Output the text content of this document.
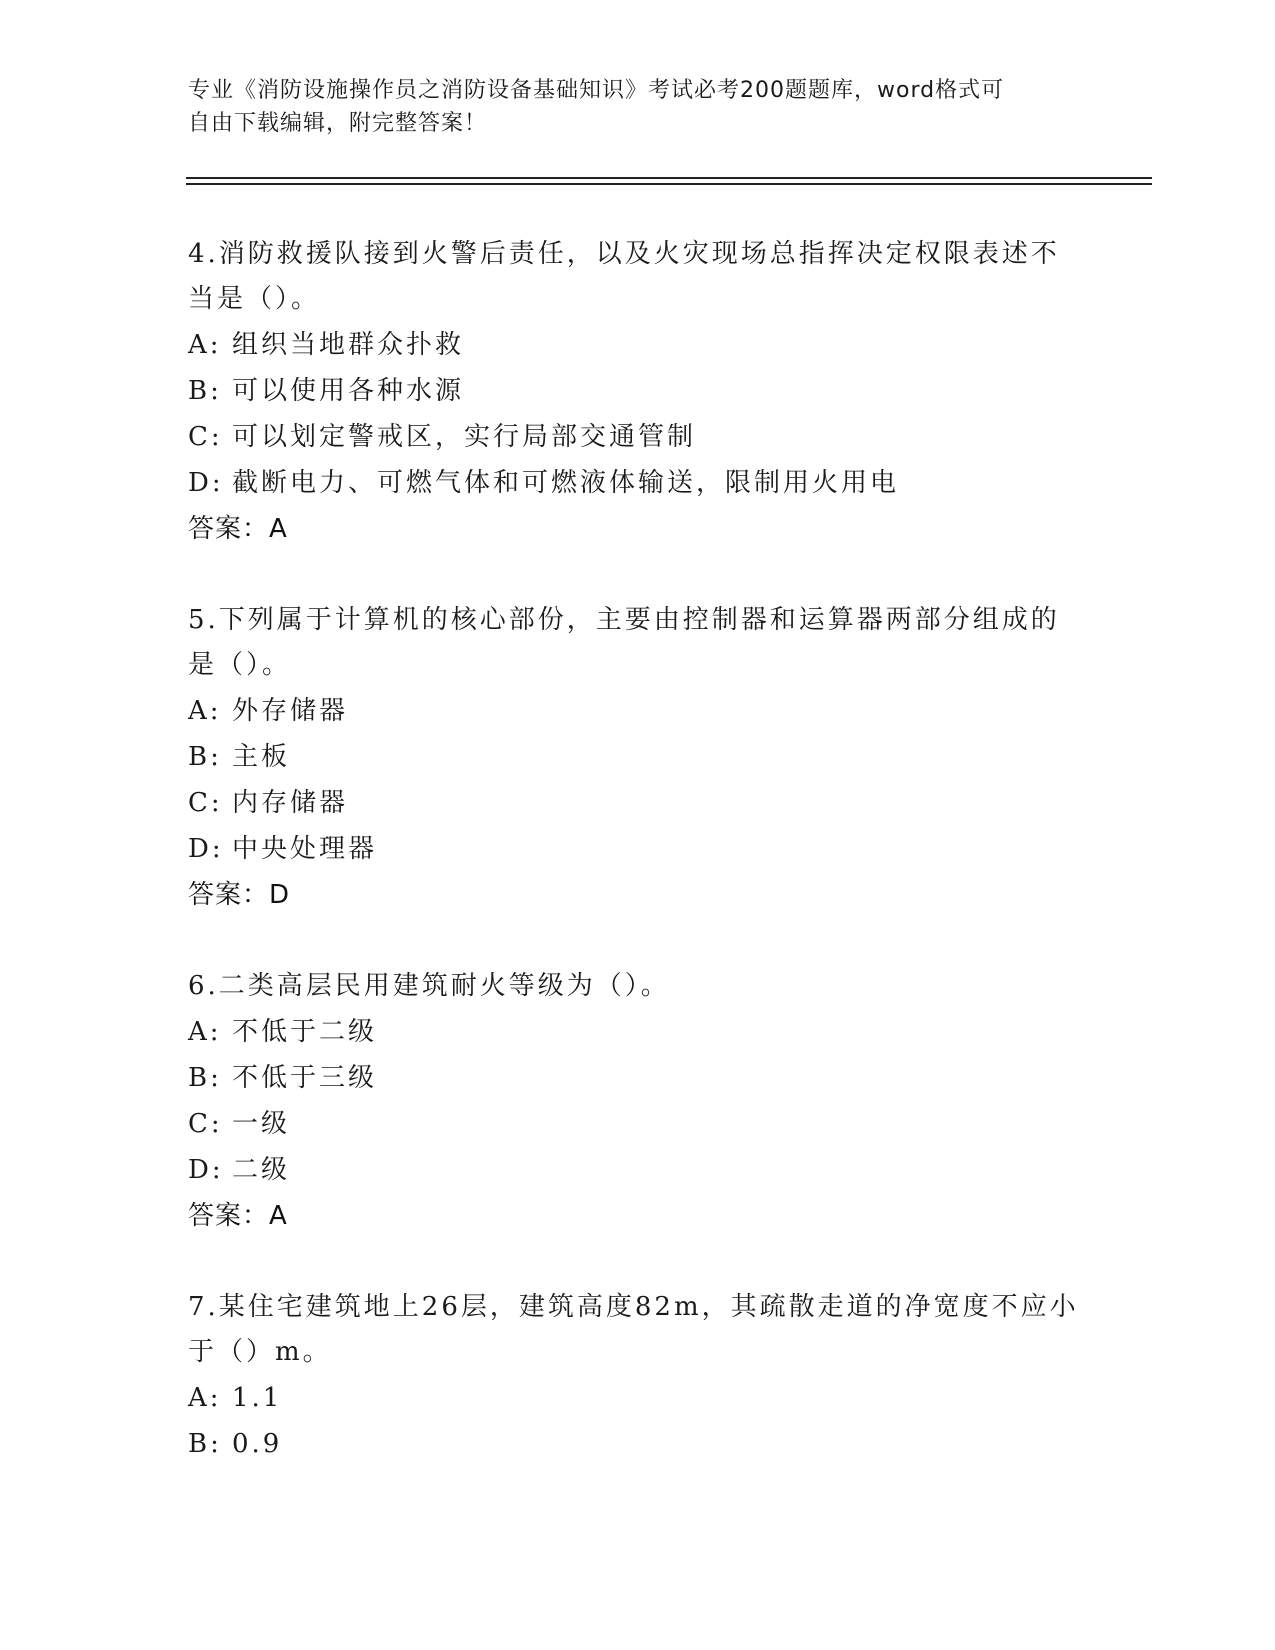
专业《消防设施操作员之消防设备基础知识》考试必考200题题库，word格式可
自由下载编辑，附完整答案！
4.消防救援队接到火警后责任，以及火灾现场总指挥决定权限表述不当是（）。
A: 组织当地群众扑救
B: 可以使用各种水源
C: 可以划定警戒区，实行局部交通管制
D: 截断电力、可燃气体和可燃液体输送，限制用火用电
答案：A
5.下列属于计算机的核心部份，主要由控制器和运算器两部分组成的是（）。
A: 外存储器
B: 主板
C: 内存储器
D: 中央处理器
答案：D
6.二类高层民用建筑耐火等级为（）。
A: 不低于二级
B: 不低于三级
C: 一级
D: 二级
答案：A
7.某住宅建筑地上26层，建筑高度82m，其疏散走道的净宽度不应小于（）m。
A: 1.1
B: 0.9
